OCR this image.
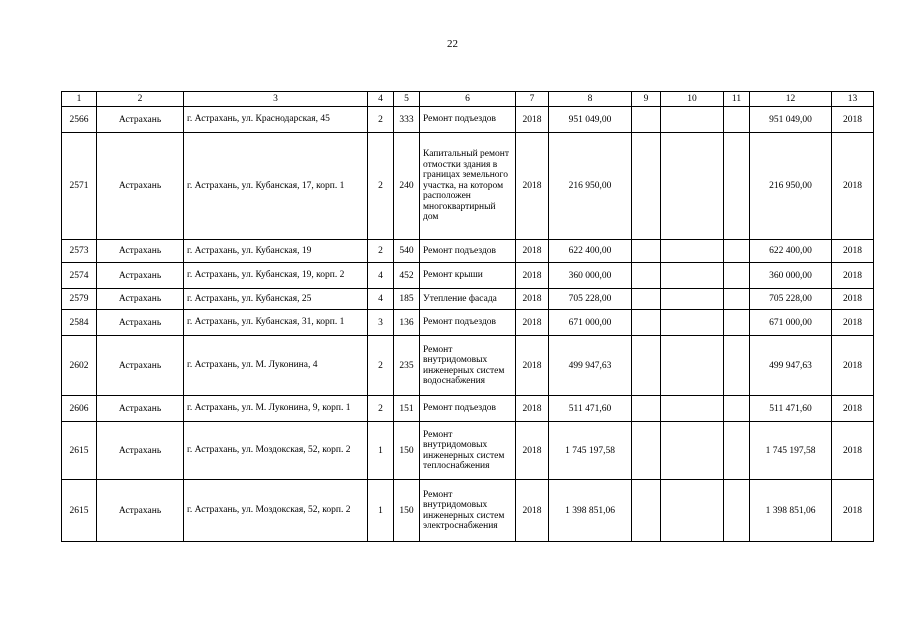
22
1	2	3	4	5	6	7	8	9	10	11	12	13
2566	Астрахань	г. Астрахань, ул. Краснодарская, 45	2	333	Ремонт подъездов	2018	951 049,00				951 049,00	2018
2571	Астрахань	г. Астрахань, ул. Кубанская, 17, корп. 1	2	240	Капитальный ремонт отмостки здания в границах земельного участка, на котором расположен многоквартирный дом	2018	216 950,00				216 950,00	2018
2573	Астрахань	г. Астрахань, ул. Кубанская, 19	2	540	Ремонт подъездов	2018	622 400,00				622 400,00	2018
2574	Астрахань	г. Астрахань, ул. Кубанская, 19, корп. 2	4	452	Ремонт крыши	2018	360 000,00				360 000,00	2018
2579	Астрахань	г. Астрахань, ул. Кубанская, 25	4	185	Утепление фасада	2018	705 228,00				705 228,00	2018
2584	Астрахань	г. Астрахань, ул. Кубанская, 31, корп. 1	3	136	Ремонт подъездов	2018	671 000,00				671 000,00	2018
2602	Астрахань	г. Астрахань, ул. М. Луконина, 4	2	235	Ремонт внутридомовых инженерных систем водоснабжения	2018	499 947,63				499 947,63	2018
2606	Астрахань	г. Астрахань, ул. М. Луконина, 9, корп. 1	2	151	Ремонт подъездов	2018	511 471,60				511 471,60	2018
2615	Астрахань	г. Астрахань, ул. Моздокская, 52, корп. 2	1	150	Ремонт внутридомовых инженерных систем теплоснабжения	2018	1 745 197,58				1 745 197,58	2018
2615	Астрахань	г. Астрахань, ул. Моздокская, 52, корп. 2	1	150	Ремонт внутридомовых инженерных систем электроснабжения	2018	1 398 851,06				1 398 851,06	2018
